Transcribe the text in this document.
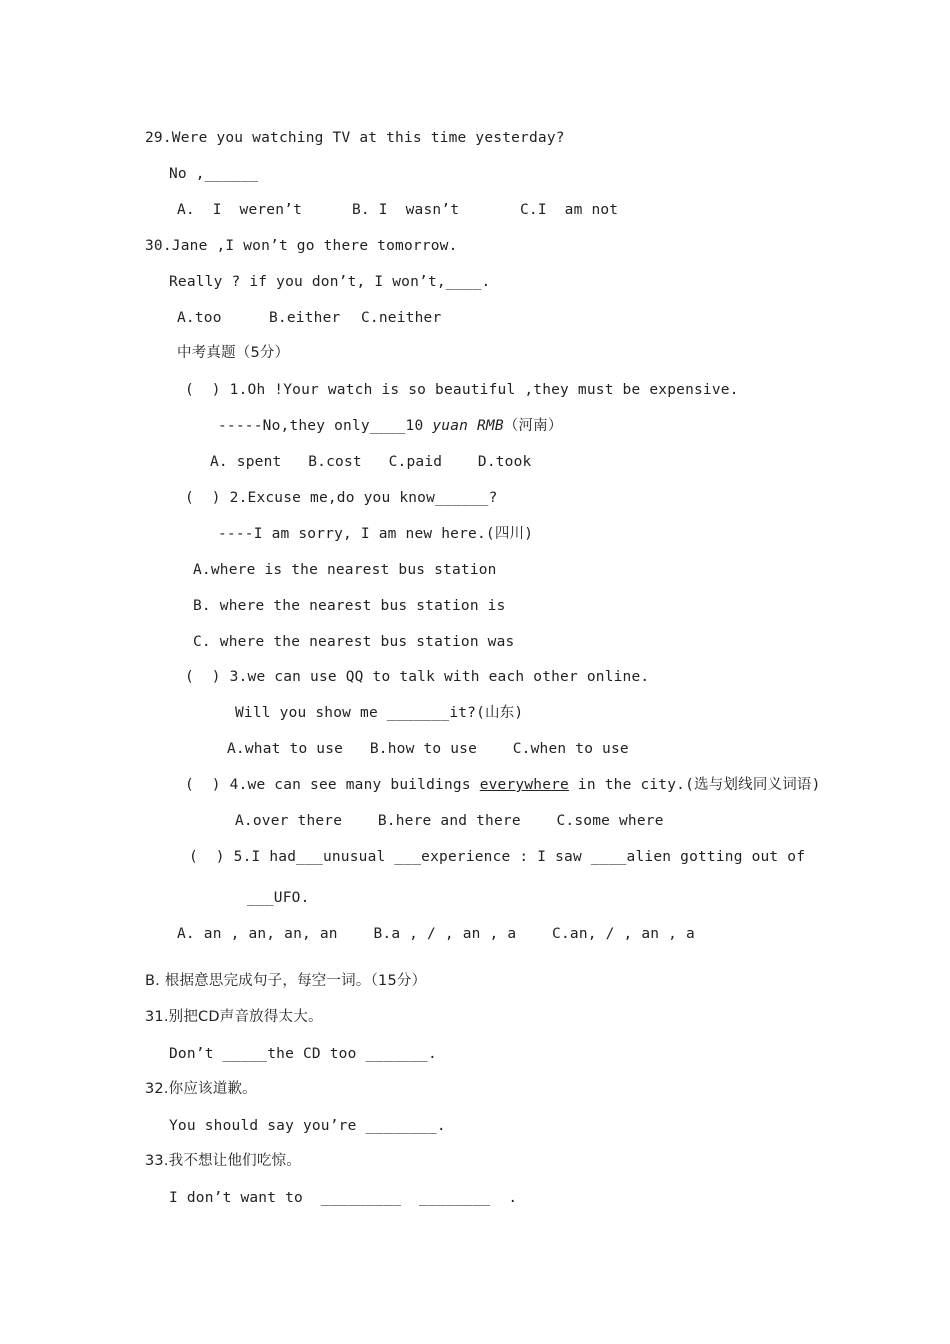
29.Were you watching TV at this time yesterday?
No ,______
A.  I  weren’t	B. I  wasn’t	C.I  am not
30.Jane ,I won’t go there tomorrow.
Really ? if you don’t, I won’t,____.
A.too	B.either C.neither
中考真题（5分）
(  ) 1.Oh !Your watch is so beautiful ,they must be expensive.
-----No,they only____10 yuan RMB（河南）
A. spent   B.cost   C.paid    D.took
(  ) 2.Excuse me,do you know______?
----I am sorry, I am new here.(四川)
A.where is the nearest bus station
B. where the nearest bus station is
C. where the nearest bus station was
(  ) 3.we can use QQ to talk with each other online.
Will you show me _______it?(山东)
A.what to use   B.how to use    C.when to use
(  ) 4.we can see many buildings everywhere in the city.(选与划线同义词语)
A.over there    B.here and there    C.some where
(  ) 5.I had___unusual ___experience : I saw ____alien gotting out of
___UFO.
A. an , an, an, an    B.a , / , an , a    C.an, / , an , a
B. 根据意思完成句子，每空一词。（15分）
31.别把CD声音放得太大。
Don’t _____the CD too _______.
32.你应该道歉。
You should say you’re ________.
33.我不想让他们吃惊。
I don’t want to  _________  ________  .
